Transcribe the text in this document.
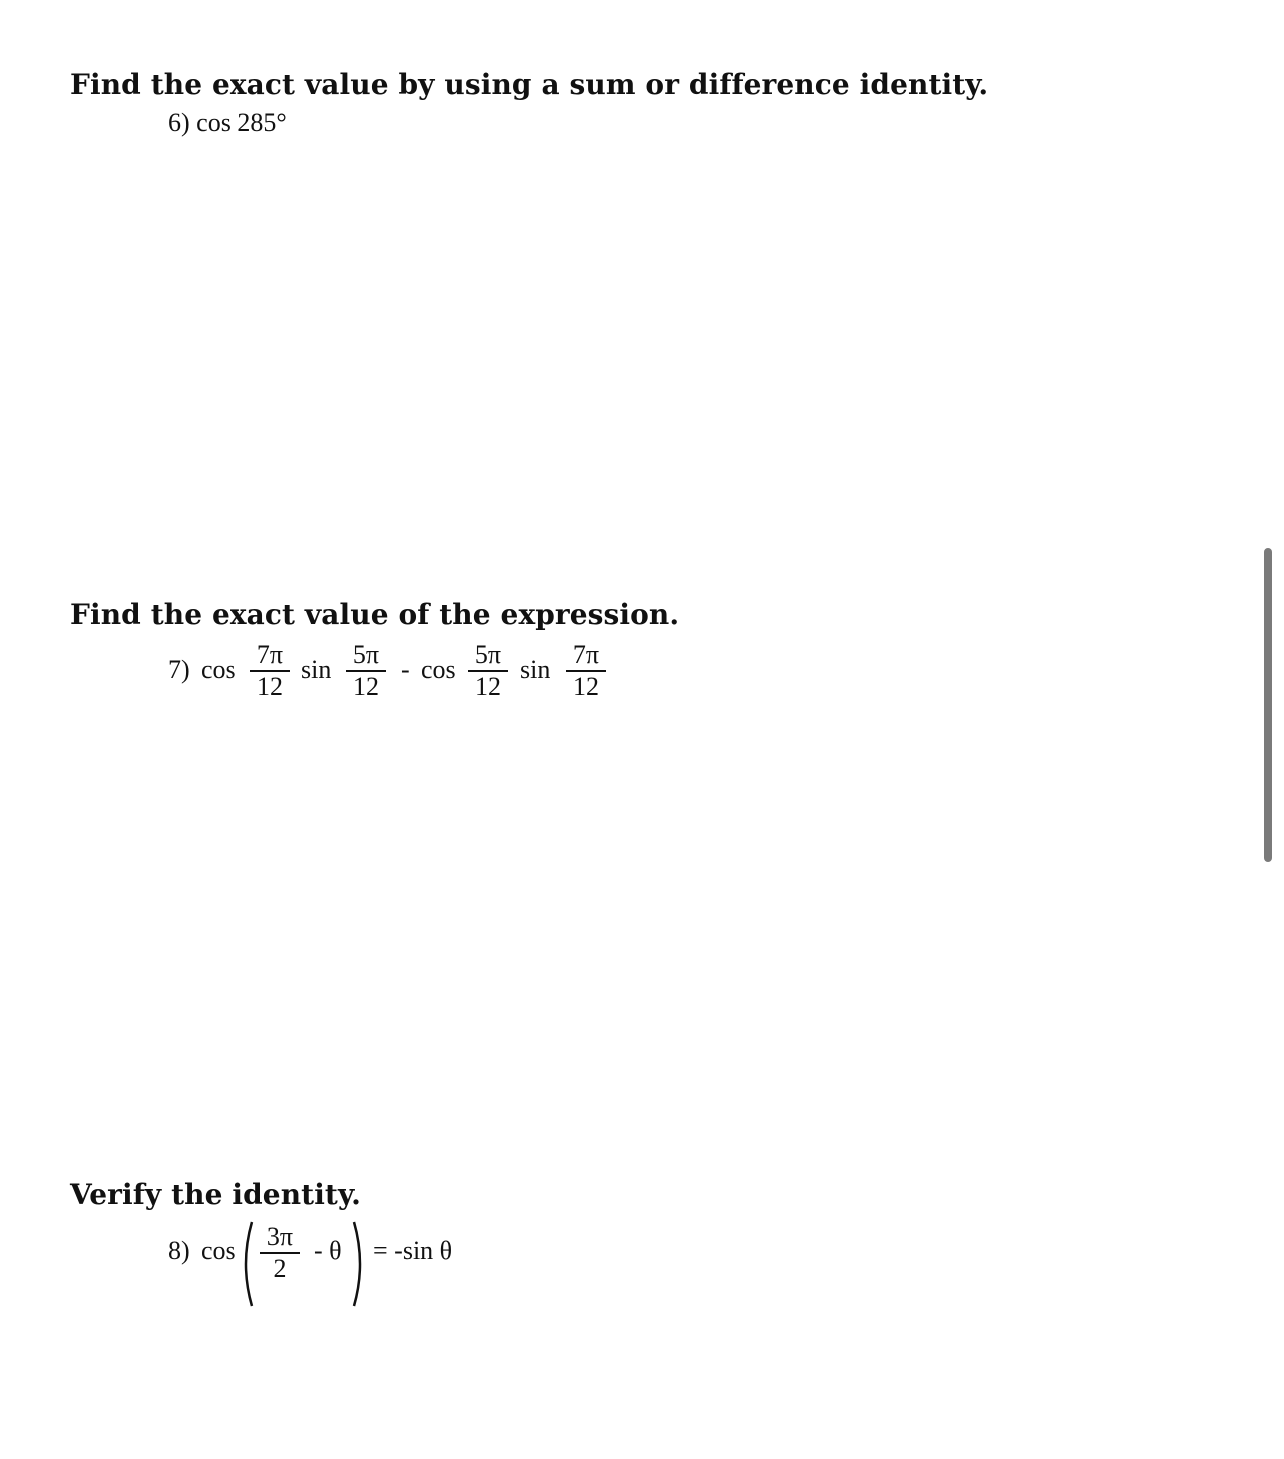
Find the exact value by using a sum or difference identity.
6) cos 285°
Find the exact value of the expression.
7) $\cos \frac{7\pi}{12}$ $\sin \frac{5\pi}{12}$ - $\cos \frac{5\pi}{12}$ $\sin \frac{7\pi}{12}$
Verify the identity.
8) $\cos \frac{3\pi}{2} - \theta = -\sin$ θ
